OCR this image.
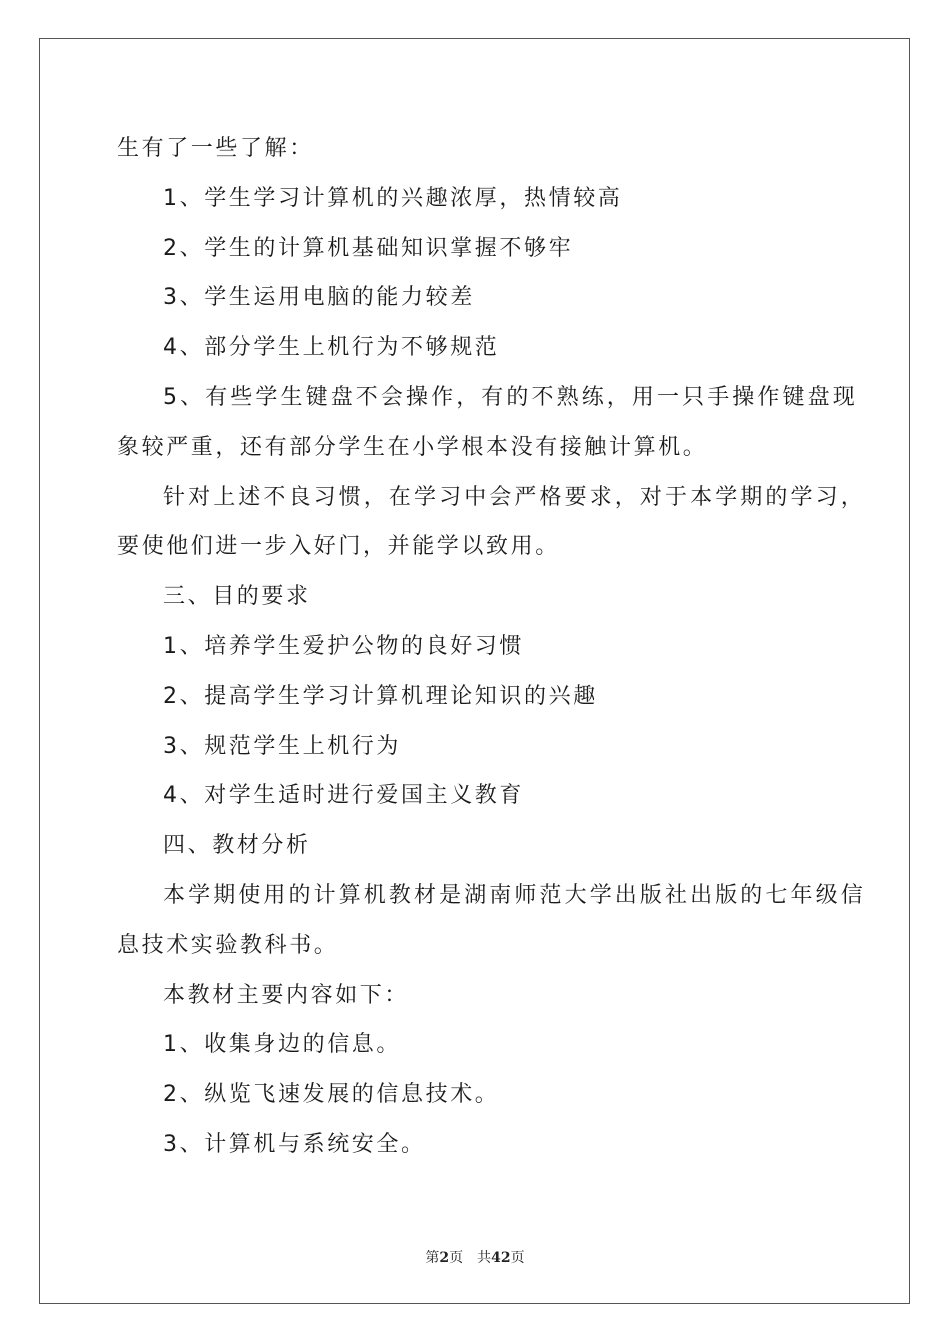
生有了一些了解：
1、学生学习计算机的兴趣浓厚，热情较高
2、学生的计算机基础知识掌握不够牢
3、学生运用电脑的能力较差
4、部分学生上机行为不够规范
5、有些学生键盘不会操作，有的不熟练，用一只手操作键盘现
象较严重，还有部分学生在小学根本没有接触计算机。
针对上述不良习惯，在学习中会严格要求，对于本学期的学习，
要使他们进一步入好门，并能学以致用。
三、目的要求
1、培养学生爱护公物的良好习惯
2、提高学生学习计算机理论知识的兴趣
3、规范学生上机行为
4、对学生适时进行爱国主义教育
四、教材分析
本学期使用的计算机教材是湖南师范大学出版社出版的七年级信
息技术实验教科书。
本教材主要内容如下：
1、收集身边的信息。
2、纵览飞速发展的信息技术。
3、计算机与系统安全。
第2页 共42页
